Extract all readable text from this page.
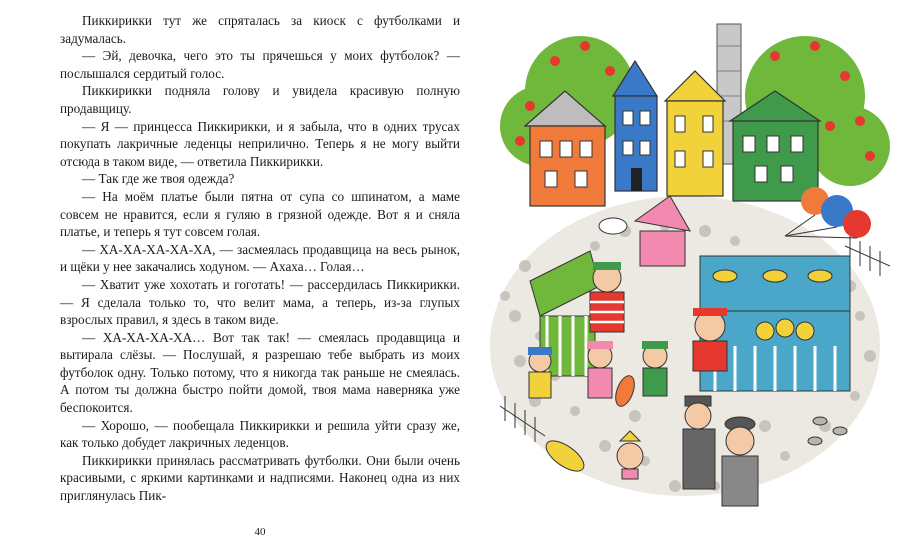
Пиккирикки тут же спряталась за киоск с футболками и задумалась.

— Эй, девочка, чего это ты прячешься у моих футболок? — послышался сердитый голос.

Пиккирикки подняла голову и увидела красивую полную продавщицу.

— Я — принцесса Пиккирикки, и я забыла, что в одних трусах покупать лакричные леденцы неприлично. Теперь я не могу выйти отсюда в таком виде, — ответила Пиккирикки.

— Так где же твоя одежда?

— На моём платье были пятна от супа со шпинатом, а маме совсем не нравится, если я гуляю в грязной одежде. Вот я и сняла платье, и теперь я тут совсем голая.

— ХА-ХА-ХА-ХА-ХА, — засмеялась продавщица на весь рынок, и щёки у нее закачались ходуном. — Ахаха… Голая…

— Хватит уже хохотать и гоготать! — рассердилась Пиккирикки. — Я сделала только то, что велит мама, а теперь, из-за глупых взрослых правил, я здесь в таком виде.

— ХА-ХА-ХА-ХА… Вот так так! — смеялась продавщица и вытирала слёзы. — Послушай, я разрешаю тебе выбрать из моих футболок одну. Только потому, что я никогда так раньше не смеялась. А потом ты должна быстро пойти домой, твоя мама наверняка уже беспокоится.

— Хорошо, — пообещала Пиккирикки и решила уйти сразу же, как только добудет лакричных леденцов.

Пиккирикки принялась рассматривать футболки. Они были очень красивыми, с яркими картинками и надписями. Наконец одна из них приглянулась Пик-

40
